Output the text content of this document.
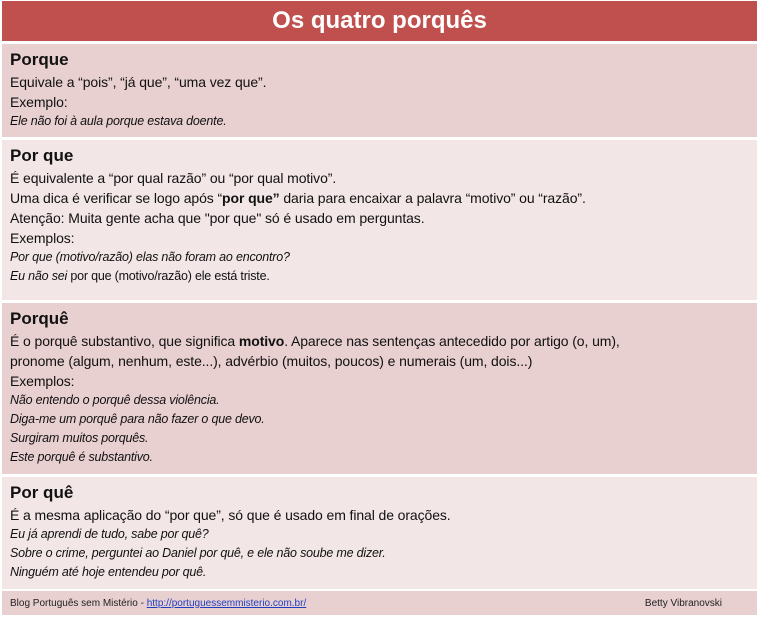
Os quatro porquês
Porque
Equivale a “pois”, “já que”, “uma vez que”.
Exemplo:
Ele não foi à aula porque estava doente.
Por que
É equivalente a “por qual razão” ou “por qual motivo”.
Uma dica é verificar se logo após “por que” daria para encaixar a palavra “motivo” ou “razão”.
Atenção: Muita gente acha que "por que" só é usado em perguntas.
Exemplos:
Por que (motivo/razão) elas não foram ao encontro?
Eu não sei por que (motivo/razão) ele está triste.
Porquê
É o porquê substantivo, que significa motivo. Aparece nas sentenças antecedido por artigo (o, um),
pronome (algum, nenhum, este...), advérbio (muitos, poucos) e numerais (um, dois...)
Exemplos:
Não entendo o porquê dessa violência.
Diga-me um porquê para não fazer o que devo.
Surgiram muitos porquês.
Este porquê é substantivo.
Por quê
É a mesma aplicação do “por que”, só que é usado em final de orações.
Eu já aprendi de tudo, sabe por quê?
Sobre o crime, perguntei ao Daniel por quê, e ele não soube me dizer.
Ninguém até hoje entendeu por quê.
Blog Português sem Mistério - http://portuguessemmisterio.com.br/	Betty Vibranovski
